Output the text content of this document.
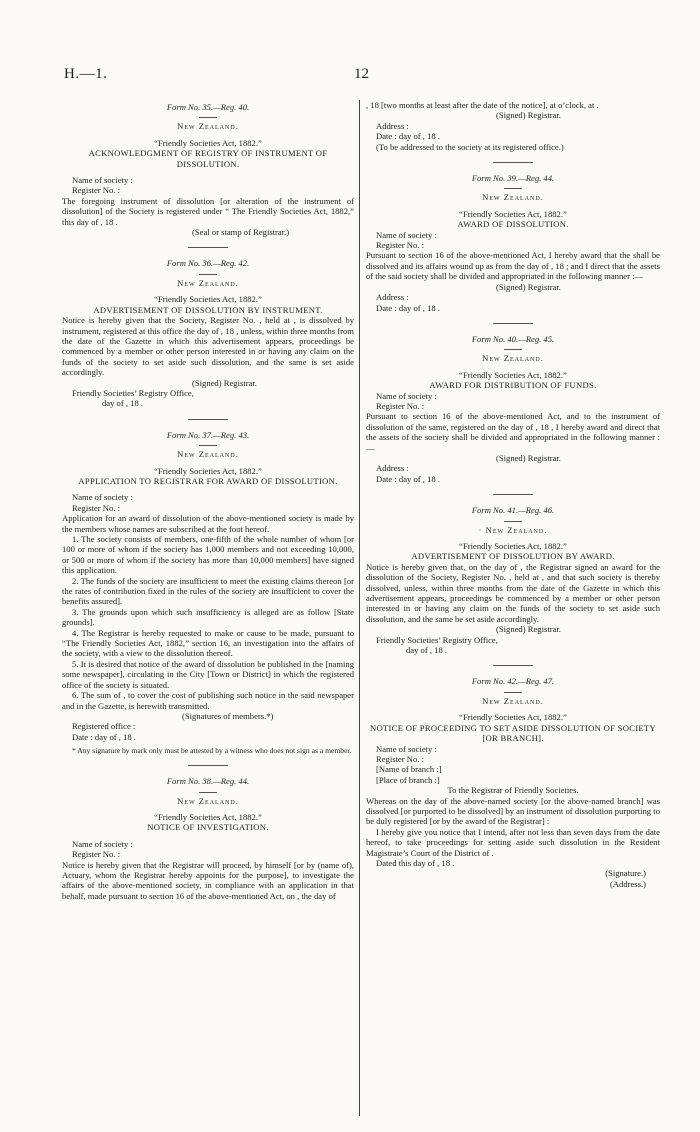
H.—1.	12
Form No. 35.—Reg. 40.
New Zealand.
“Friendly Societies Act, 1882.”
ACKNOWLEDGMENT OF REGISTRY OF INSTRUMENT OF DISSOLUTION.
Name of society :
Register No. :
The foregoing instrument of dissolution [or alteration of the instrument of dissolution] of the Society is registered under “ The Friendly Societies Act, 1882,” this day of , 18 .
(Seal or stamp of Registrar.)
Form No. 36.—Reg. 42.
New Zealand.
“Friendly Societies Act, 1882.”
ADVERTISEMENT OF DISSOLUTION BY INSTRUMENT.
Notice is hereby given that the Society, Register No. , held at , is dissolved by instrument, registered at this office the day of , 18 , unless, within three months from the date of the Gazette in which this advertisement appears, proceedings be commenced by a member or other person interested in or having any claim on the funds of the society to set aside such dissolution, and the same is set aside accordingly.
(Signed) Registrar.
Friendly Societies’ Registry Office,
day of , 18 .
Form No. 37.—Reg. 43.
New Zealand.
“Friendly Societies Act, 1882.”
APPLICATION TO REGISTRAR FOR AWARD OF DISSOLUTION.
Name of society :
Register No. :
Application for an award of dissolution of the above-mentioned society is made by the members whose names are subscribed at the foot hereof.
1. The society consists of members, one-fifth of the whole number of whom [or 100 or more of whom if the society has 1,000 members and not exceeding 10,000, or 500 or more of whom if the society has more than 10,000 members] have signed this application.
2. The funds of the society are insufficient to meet the existing claims thereon [or the rates of contribution fixed in the rules of the society are insufficient to cover the benefits assured].
3. The grounds upon which such insufficiency is alleged are as follow [State grounds].
4. The Registrar is hereby requested to make or cause to be made, pursuant to “The Friendly Societies Act, 1882,” section 16, an investigation into the affairs of the society, with a view to the dissolution thereof.
5. It is desired that notice of the award of dissolution be published in the [naming some newspaper], circulating in the City [Town or District] in which the registered office of the society is situated.
6. The sum of , to cover the cost of publishing such notice in the said newspaper and in the Gazette, is herewith transmitted.
(Signatures of members.*)
Registered office :
Date : day of , 18 .
* Any signature by mark only must be attested by a witness who does not sign as a member.
Form No. 38.—Reg. 44.
New Zealand.
“Friendly Societies Act, 1882.”
NOTICE OF INVESTIGATION.
Name of society :
Register No. :
Notice is hereby given that the Registrar will proceed, by himself [or by (name of), Actuary, whom the Registrar hereby appoints for the purpose], to investigate the affairs of the above-mentioned society, in compliance with an application in that behalf, made pursuant to section 16 of the above-mentioned Act, on , the day of
, 18 [two months at least after the date of the notice], at o’clock, at .
(Signed) Registrar.
Address :
Date : day of , 18 .
(To be addressed to the society at its registered office.)
Form No. 39.—Reg. 44.
New Zealand.
“Friendly Societies Act, 1882.”
AWARD OF DISSOLUTION.
Name of society :
Register No. :
Pursuant to section 16 of the above-mentioned Act, I hereby award that the shall be dissolved and its affairs wound up as from the day of , 18 ; and I direct that the assets of the said society shall be divided and appropriated in the following manner :—
(Signed) Registrar.
Address :
Date : day of , 18 .
Form No. 40.—Reg. 45.
New Zealand.
“Friendly Societies Act, 1882.”
AWARD FOR DISTRIBUTION OF FUNDS.
Name of society :
Register No. :
Pursuant to section 16 of the above-mentioned Act, and to the instrument of dissolution of the same, registered on the day of , 18 , I hereby award and direct that the assets of the society shall be divided and appropriated in the following manner :—
(Signed) Registrar.
Address :
Date : day of , 18 .
Form No. 41.—Reg. 46.
· New Zealand.
“Friendly Societies Act, 1882.”
ADVERTISEMENT OF DISSOLUTION BY AWARD.
Notice is hereby given that, on the day of , the Registrar signed an award for the dissolution of the Society, Register No. , held at , and that such society is thereby dissolved, unless, within three months from the date of the Gazette in which this advertisement appears, proceedings be commenced by a member or other person interested in or having any claim on the funds of the society to set aside such dissolution, and the same be set aside accordingly.
(Signed) Registrar.
Friendly Societies’ Registry Office,
day of , 18 .
Form No. 42.—Reg. 47.
New Zealand.
“Friendly Societies Act, 1882.”
NOTICE OF PROCEEDING TO SET ASIDE DISSOLUTION OF SOCIETY [OR BRANCH].
Name of society :
Register No. :
[Name of branch :]
[Place of branch :]
To the Registrar of Friendly Societies.
Whereas on the day of the above-named society [or the above-named branch] was dissolved [or purported to be dissolved] by an instrument of dissolution purporting to be duly registered [or by the award of the Registrar] :
I hereby give you notice that I intend, after not less than seven days from the date hereof, to take proceedings for setting aside such dissolution in the Resident Magistrate’s Court of the District of .
Dated this day of , 18 .
(Signature.)
(Address.)
